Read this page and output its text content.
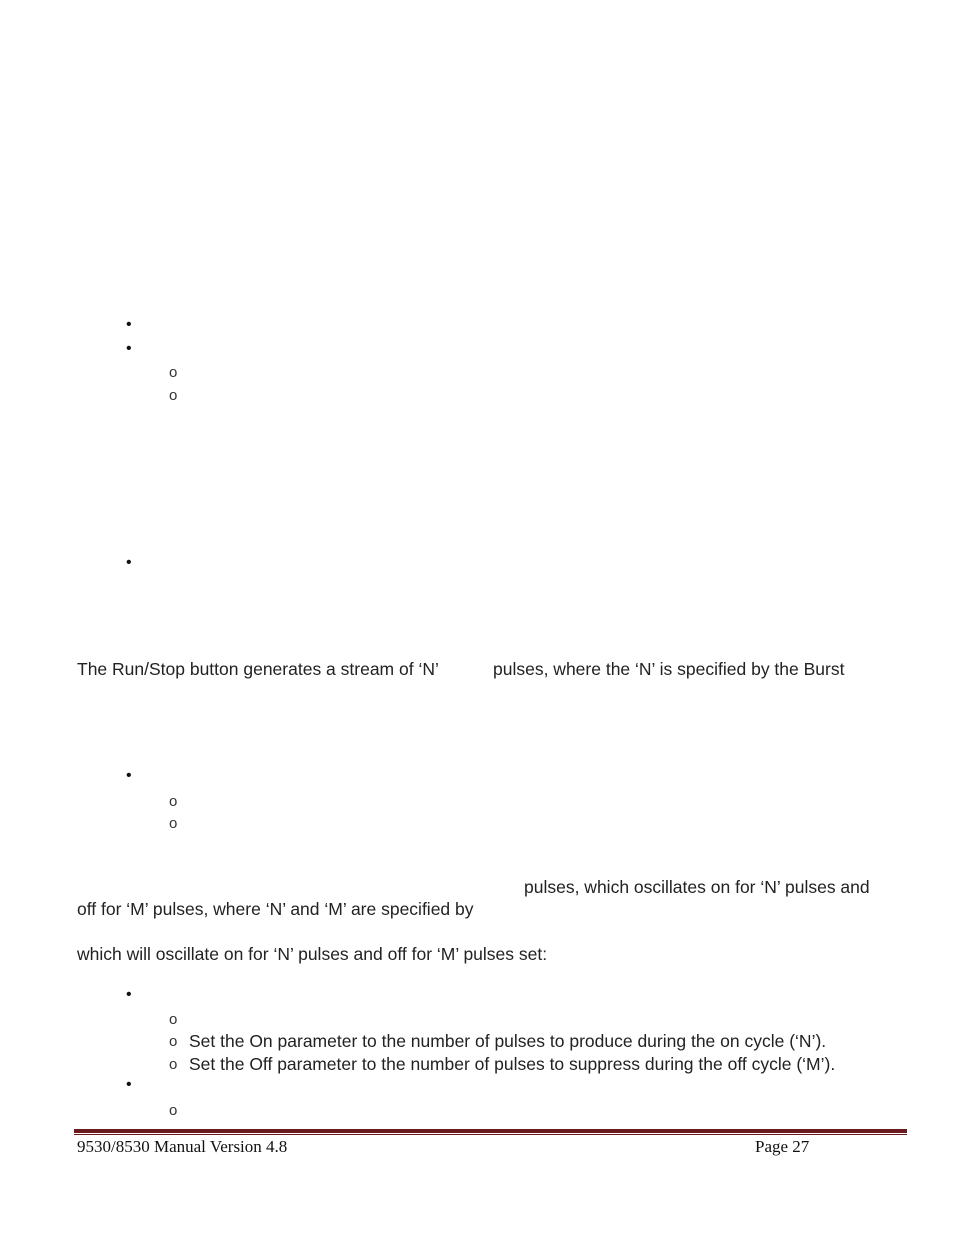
•
•
o
o
•
The Run/Stop button generates a stream of ‘N’	pulses, where the ‘N’ is specified by the Burst
•
o
o
pulses, which oscillates on for ‘N’ pulses and
off for ‘M’ pulses, where ‘N’ and ‘M’ are specified by
which will oscillate on for ‘N’ pulses and off for ‘M’ pulses set:
•
o
o Set the On parameter to the number of pulses to produce during the on cycle (‘N’).
o Set the Off parameter to the number of pulses to suppress during the off cycle (‘M’).
•
o
9530/8530 Manual Version 4.8	Page 27
